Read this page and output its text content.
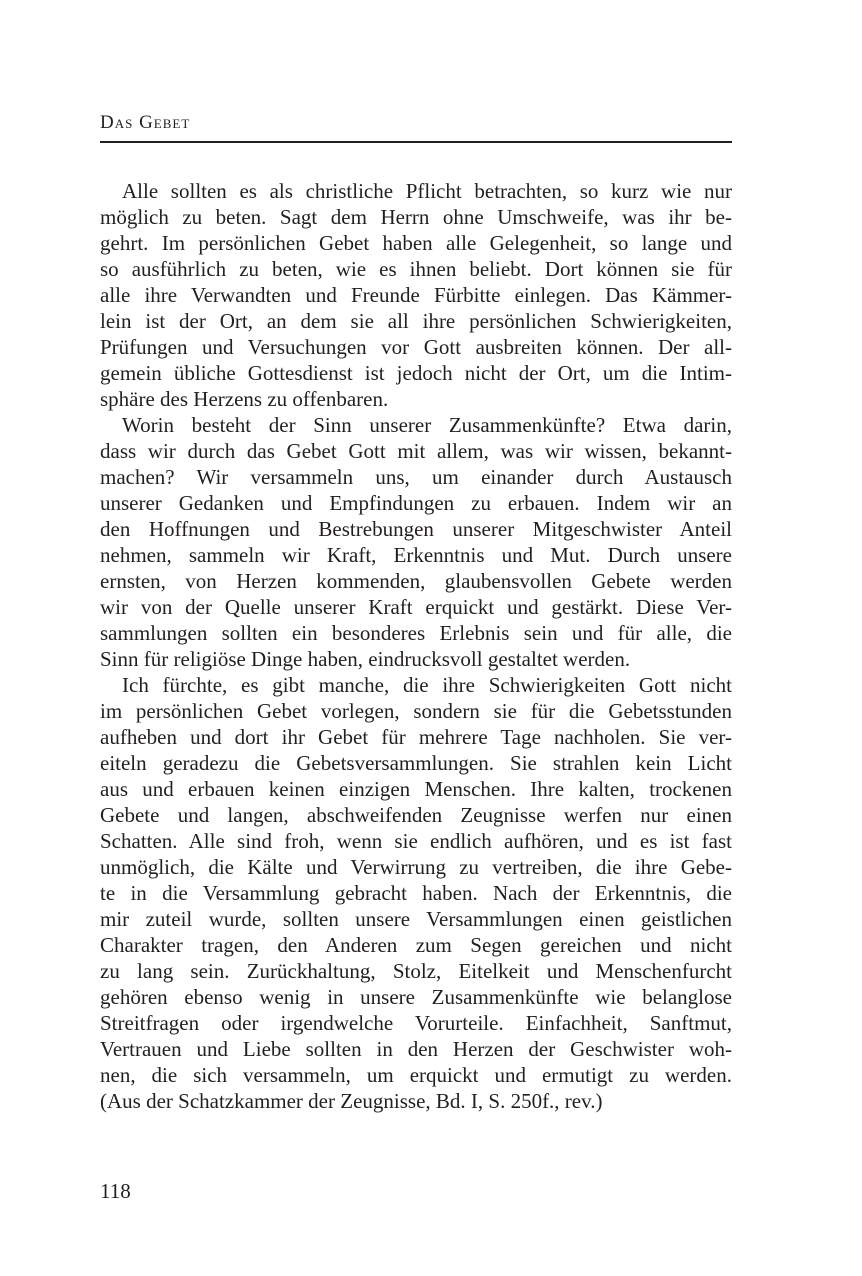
Das Gebet
Alle sollten es als christliche Pflicht betrachten, so kurz wie nur
möglich zu beten. Sagt dem Herrn ohne Umschweife, was ihr be-
gehrt. Im persönlichen Gebet haben alle Gelegenheit, so lange und
so ausführlich zu beten, wie es ihnen beliebt. Dort können sie für
alle ihre Verwandten und Freunde Fürbitte einlegen. Das Kämmer-
lein ist der Ort, an dem sie all ihre persönlichen Schwierigkeiten,
Prüfungen und Versuchungen vor Gott ausbreiten können. Der all-
gemein übliche Gottesdienst ist jedoch nicht der Ort, um die Intim-
sphäre des Herzens zu offenbaren.
Worin besteht der Sinn unserer Zusammenkünfte? Etwa darin,
dass wir durch das Gebet Gott mit allem, was wir wissen, bekannt-
machen? Wir versammeln uns, um einander durch Austausch
unserer Gedanken und Empfindungen zu erbauen. Indem wir an
den Hoffnungen und Bestrebungen unserer Mitgeschwister Anteil
nehmen, sammeln wir Kraft, Erkenntnis und Mut. Durch unsere
ernsten, von Herzen kommenden, glaubensvollen Gebete werden
wir von der Quelle unserer Kraft erquickt und gestärkt. Diese Ver-
sammlungen sollten ein besonderes Erlebnis sein und für alle, die
Sinn für religiöse Dinge haben, eindrucksvoll gestaltet werden.
Ich fürchte, es gibt manche, die ihre Schwierigkeiten Gott nicht
im persönlichen Gebet vorlegen, sondern sie für die Gebetsstunden
aufheben und dort ihr Gebet für mehrere Tage nachholen. Sie ver-
eiteln geradezu die Gebetsversammlungen. Sie strahlen kein Licht
aus und erbauen keinen einzigen Menschen. Ihre kalten, trockenen
Gebete und langen, abschweifenden Zeugnisse werfen nur einen
Schatten. Alle sind froh, wenn sie endlich aufhören, und es ist fast
unmöglich, die Kälte und Verwirrung zu vertreiben, die ihre Gebe-
te in die Versammlung gebracht haben. Nach der Erkenntnis, die
mir zuteil wurde, sollten unsere Versammlungen einen geistlichen
Charakter tragen, den Anderen zum Segen gereichen und nicht
zu lang sein. Zurückhaltung, Stolz, Eitelkeit und Menschenfurcht
gehören ebenso wenig in unsere Zusammenkünfte wie belanglose
Streitfragen oder irgendwelche Vorurteile. Einfachheit, Sanftmut,
Vertrauen und Liebe sollten in den Herzen der Geschwister woh-
nen, die sich versammeln, um erquickt und ermutigt zu werden.
(Aus der Schatzkammer der Zeugnisse, Bd. I, S. 250f., rev.)
118
